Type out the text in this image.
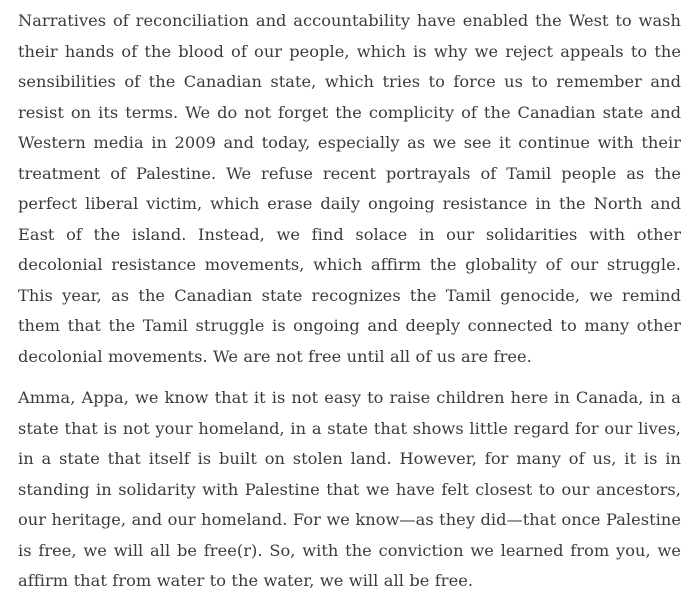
Narratives of reconciliation and accountability have enabled the West to wash their hands of the blood of our people, which is why we reject appeals to the sensibilities of the Canadian state, which tries to force us to remember and resist on its terms. We do not forget the complicity of the Canadian state and Western media in 2009 and today, especially as we see it continue with their treatment of Palestine. We refuse recent portrayals of Tamil people as the perfect liberal victim, which erase daily ongoing resistance in the North and East of the island. Instead, we find solace in our solidarities with other decolonial resistance movements, which affirm the globality of our struggle. This year, as the Canadian state recognizes the Tamil genocide, we remind them that the Tamil struggle is ongoing and deeply connected to many other decolonial movements. We are not free until all of us are free.

Amma, Appa, we know that it is not easy to raise children here in Canada, in a state that is not your homeland, in a state that shows little regard for our lives, in a state that itself is built on stolen land. However, for many of us, it is in standing in solidarity with Palestine that we have felt closest to our ancestors, our heritage, and our homeland. For we know—as they did—that once Palestine is free, we will all be free(r). So, with the conviction we learned from you, we affirm that from water to the water, we will all be free.
